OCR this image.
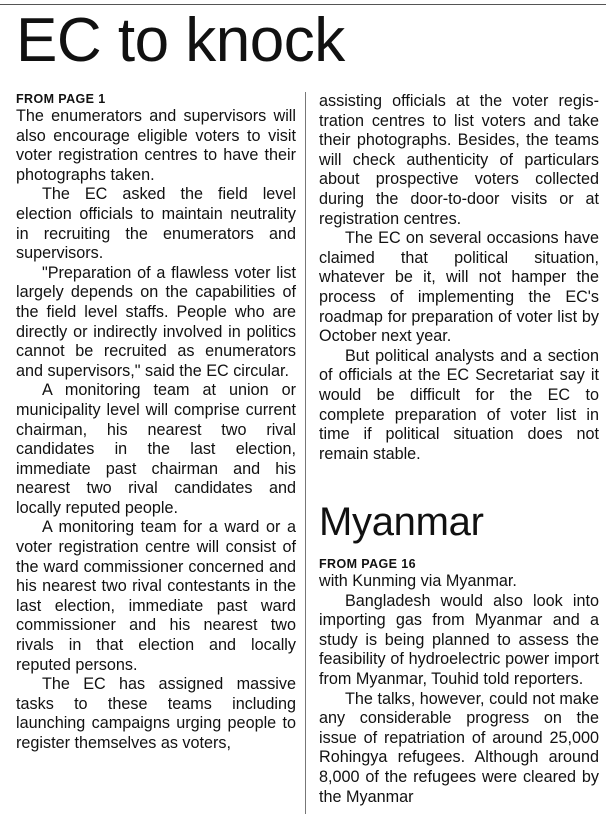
EC to knock
FROM PAGE 1

The enumerators and supervisors will also encourage eligible voters to visit voter registration centres to have their photographs taken.

The EC asked the field level election officials to maintain neutrality in recruiting the enumerators and supervisors.

"Preparation of a flawless voter list largely depends on the capabilities of the field level staffs. People who are directly or indirectly involved in politics cannot be recruited as enumerators and supervisors," said the EC circular.

A monitoring team at union or municipality level will comprise current chairman, his nearest two rival candidates in the last election, immediate past chairman and his nearest two rival candidates and locally reputed people.

A monitoring team for a ward or a voter registration centre will consist of the ward commissioner concerned and his nearest two rival contestants in the last election, immediate past ward commissioner and his nearest two rivals in that election and locally reputed persons.

The EC has assigned massive tasks to these teams including launching campaigns urging people to register themselves as voters,

assisting officials at the voter registration centres to list voters and take their photographs. Besides, the teams will check authenticity of particulars about prospective voters collected during the door-to-door visits or at registration centres.

The EC on several occasions have claimed that political situation, whatever be it, will not hamper the process of implementing the EC's roadmap for preparation of voter list by October next year.

But political analysts and a section of officials at the EC Secretariat say it would be difficult for the EC to complete preparation of voter list in time if political situation does not remain stable.

Myanmar
FROM PAGE 16

with Kunming via Myanmar.

Bangladesh would also look into importing gas from Myanmar and a study is being planned to assess the feasibility of hydroelectric power import from Myanmar, Touhid told reporters.

The talks, however, could not make any considerable progress on the issue of repatriation of around 25,000 Rohingya refugees. Although around 8,000 of the refugees were cleared by the Myanmar
